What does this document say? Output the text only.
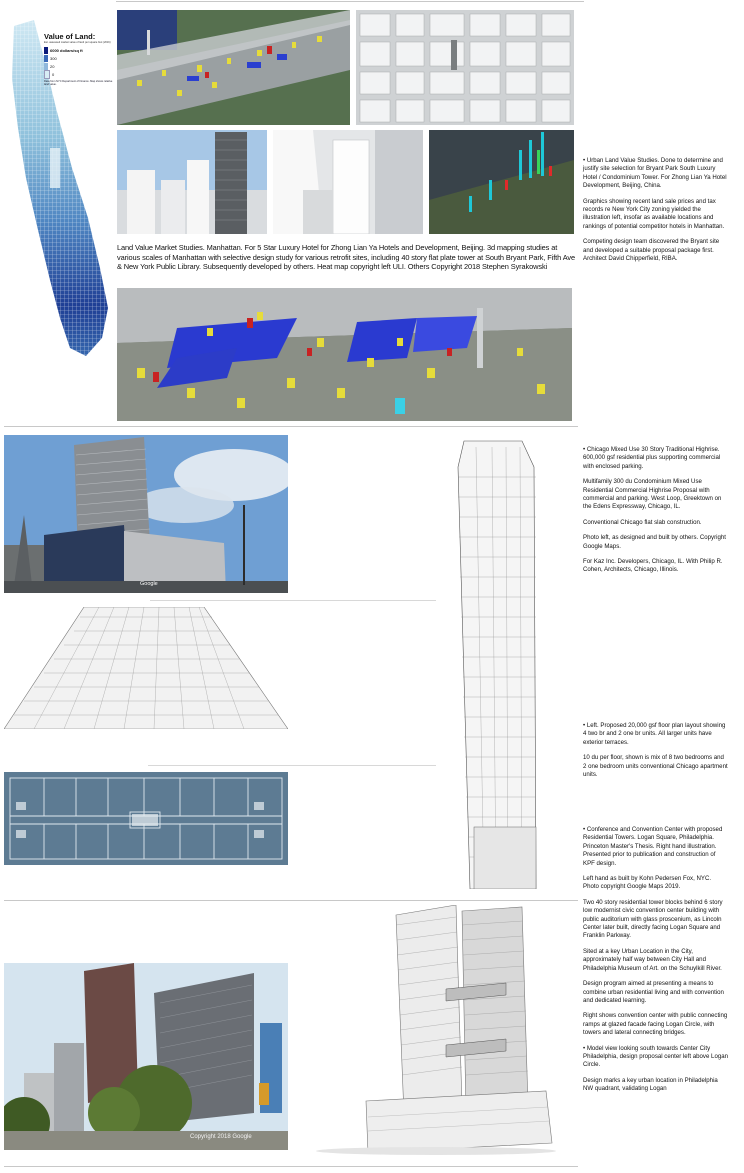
Value of Land:
Est. assessed market value of land per square foot (2016)
6000 dollars/sq ft
300
20
0
Data from NYC Department of Finance. Map shows relative land value.
Land Value Market Studies. Manhattan. For 5 Star Luxury Hotel for Zhong Lian Ya Hotels and Development, Beijing. 3d mapping studies at various scales of Manhattan with selective design study for various retrofit sites, including 40 story flat plate tower at South Bryant Park, Fifth Ave & New York Public Library. Subsequently developed by others. Heat map copyright left ULI. Others Copyright 2018 Stephen Syrakowski

• Urban Land Value Studies. Done to determine and justify site selection for Bryant Park South Luxury Hotel / Condominium Tower. For Zhong Lian Ya Hotel Development, Beijing, China.

Graphics showing recent land sale prices and tax records re New York City zoning yielded the illustration left, insofar as available locations and rankings of potential competitor hotels in Manhattan.

Competing design team discovered the Bryant site and developed a suitable proposal package first. Architect David Chipperfield, RIBA.

Google

• Chicago Mixed Use 30 Story Traditional Highrise. 600,000 gsf residential plus supporting commercial with enclosed parking.

Multifamily 300 du Condominium Mixed Use Residential Commercial Highrise Proposal with commercial and parking. West Loop, Greektown on the Edens Expressway, Chicago, IL.

Conventional Chicago flat slab construction.

Photo left, as designed and built by others. Copyright Google Maps.

For Kaz Inc. Developers, Chicago, IL. With Philip R. Cohen, Architects, Chicago, Illinois.

• Left. Proposed 20,000 gsf floor plan layout showing 4 two br and 2 one br units. All larger units have exterior terraces.

10 du per floor, shown is mix of 8 two bedrooms and 2 one bedroom units conventional Chicago apartment units.

Copyright 2018 Google

• Conference and Convention Center with proposed Residential Towers. Logan Square, Philadelphia. Princeton Master's Thesis. Right hand illustration. Presented prior to publication and construction of KPF design.

Left hand as built by Kohn Pedersen Fox, NYC. Photo copyright Google Maps 2019.

Two 40 story residential tower blocks behind 6 story low modernist civic convention center building with public auditorium with glass proscenium, as Lincoln Center later built, directly facing Logan Square and Franklin Parkway.

Sited at a key Urban Location in the City, approximately half way between City Hall and Philadelphia Museum of Art. on the Schuylkill River.

Design program aimed at presenting a means to combine urban residential living and with convention and dedicated learning.

Right shows convention center with public connecting ramps at glazed facade facing Logan Circle, with towers and lateral connecting bridges.

• Model view looking south towards Center City Philadelphia, design proposal center left above Logan Circle.

Design marks a key urban location in Philadelphia NW quadrant, validating Logan
